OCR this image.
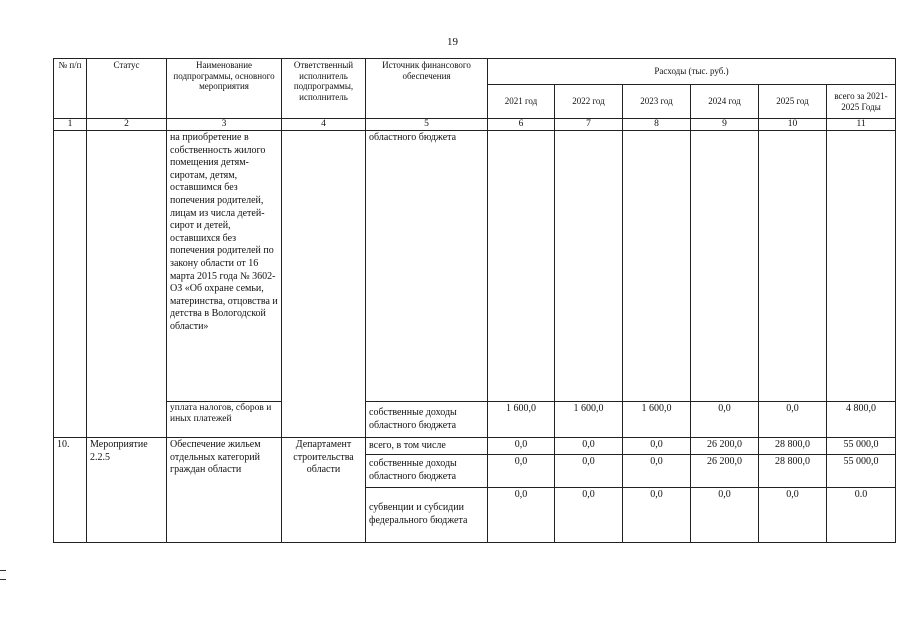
19
№ п/п	Статус	Наименование подпрограммы, основного мероприятия	Ответственный исполнитель подпрограммы, исполнитель	Источник финансового обеспечения	Расходы (тыс. руб.)					
					2021 год	2022 год	2023 год	2024 год	2025 год	всего за 2021-2025 Годы
1	2	3	4	5	6	7	8	9	10	11
		на приобретение в собственность жилого помещения детям-сиротам, детям, оставшимся без попечения родителей, лицам из числа детей-сирот и детей, оставшихся без попечения родителей по закону области от 16 марта 2015 года № 3602-ОЗ «Об охране семьи, материнства, отцовства и детства в Вологодской области»		областного бюджета						
		уплата налогов, сборов и иных платежей		собственные доходы областного бюджета	1 600,0	1 600,0	1 600,0	0,0	0,0	4 800,0
10.	Мероприятие 2.2.5	Обеспечение жильем отдельных категорий граждан области	Департамент строительства области	всего, в том числе	0,0	0,0	0,0	26 200,0	28 800,0	55 000,0
				собственные доходы областного бюджета	0,0	0,0	0,0	26 200,0	28 800,0	55 000,0
				субвенции и субсидии федерального бюджета	0,0	0,0	0,0	0,0	0,0	0.0
